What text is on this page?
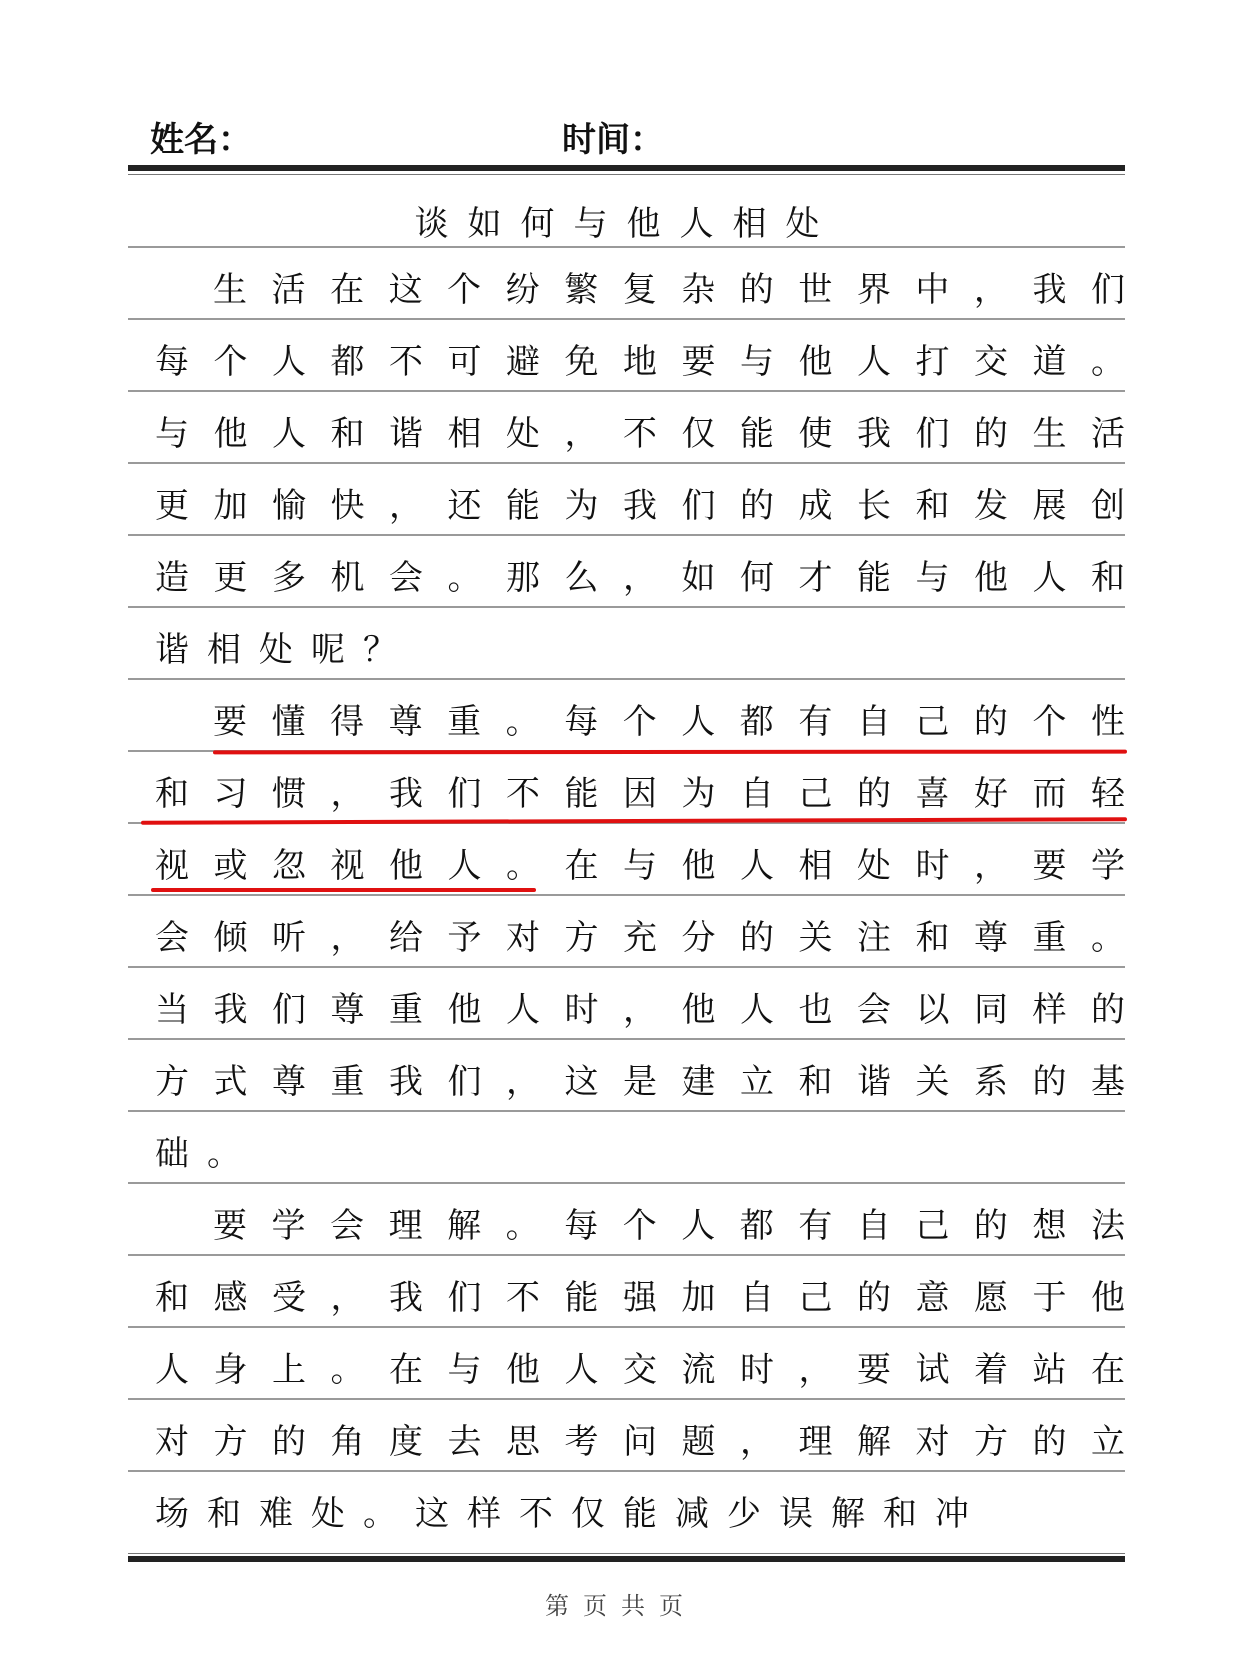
姓名：	时间：
谈如何与他人相处
生 活 在 这 个 纷 繁 复 杂 的 世 界 中 ， 我 们
每 个 人 都 不 可 避 免 地 要 与 他 人 打 交 道 。
与 他 人 和 谐 相 处 ， 不 仅 能 使 我 们 的 生 活
更 加 愉 快 ， 还 能 为 我 们 的 成 长 和 发 展 创
造 更 多 机 会 。 那 么 ， 如 何 才 能 与 他 人 和
谐相处呢？
要 懂 得 尊 重 。 每 个 人 都 有 自 己 的 个 性
和 习 惯 ， 我 们 不 能 因 为 自 己 的 喜 好 而 轻
视 或 忽 视 他 人 。 在 与 他 人 相 处 时 ， 要 学
会 倾 听 ， 给 予 对 方 充 分 的 关 注 和 尊 重 。
当 我 们 尊 重 他 人 时 ， 他 人 也 会 以 同 样 的
方 式 尊 重 我 们 ， 这 是 建 立 和 谐 关 系 的 基
础。
要 学 会 理 解 。 每 个 人 都 有 自 己 的 想 法
和 感 受 ， 我 们 不 能 强 加 自 己 的 意 愿 于 他
人 身 上 。 在 与 他 人 交 流 时 ， 要 试 着 站 在
对 方 的 角 度 去 思 考 问 题 ， 理 解 对 方 的 立
场和难处。这样不仅能减少误解和冲
第页共页
